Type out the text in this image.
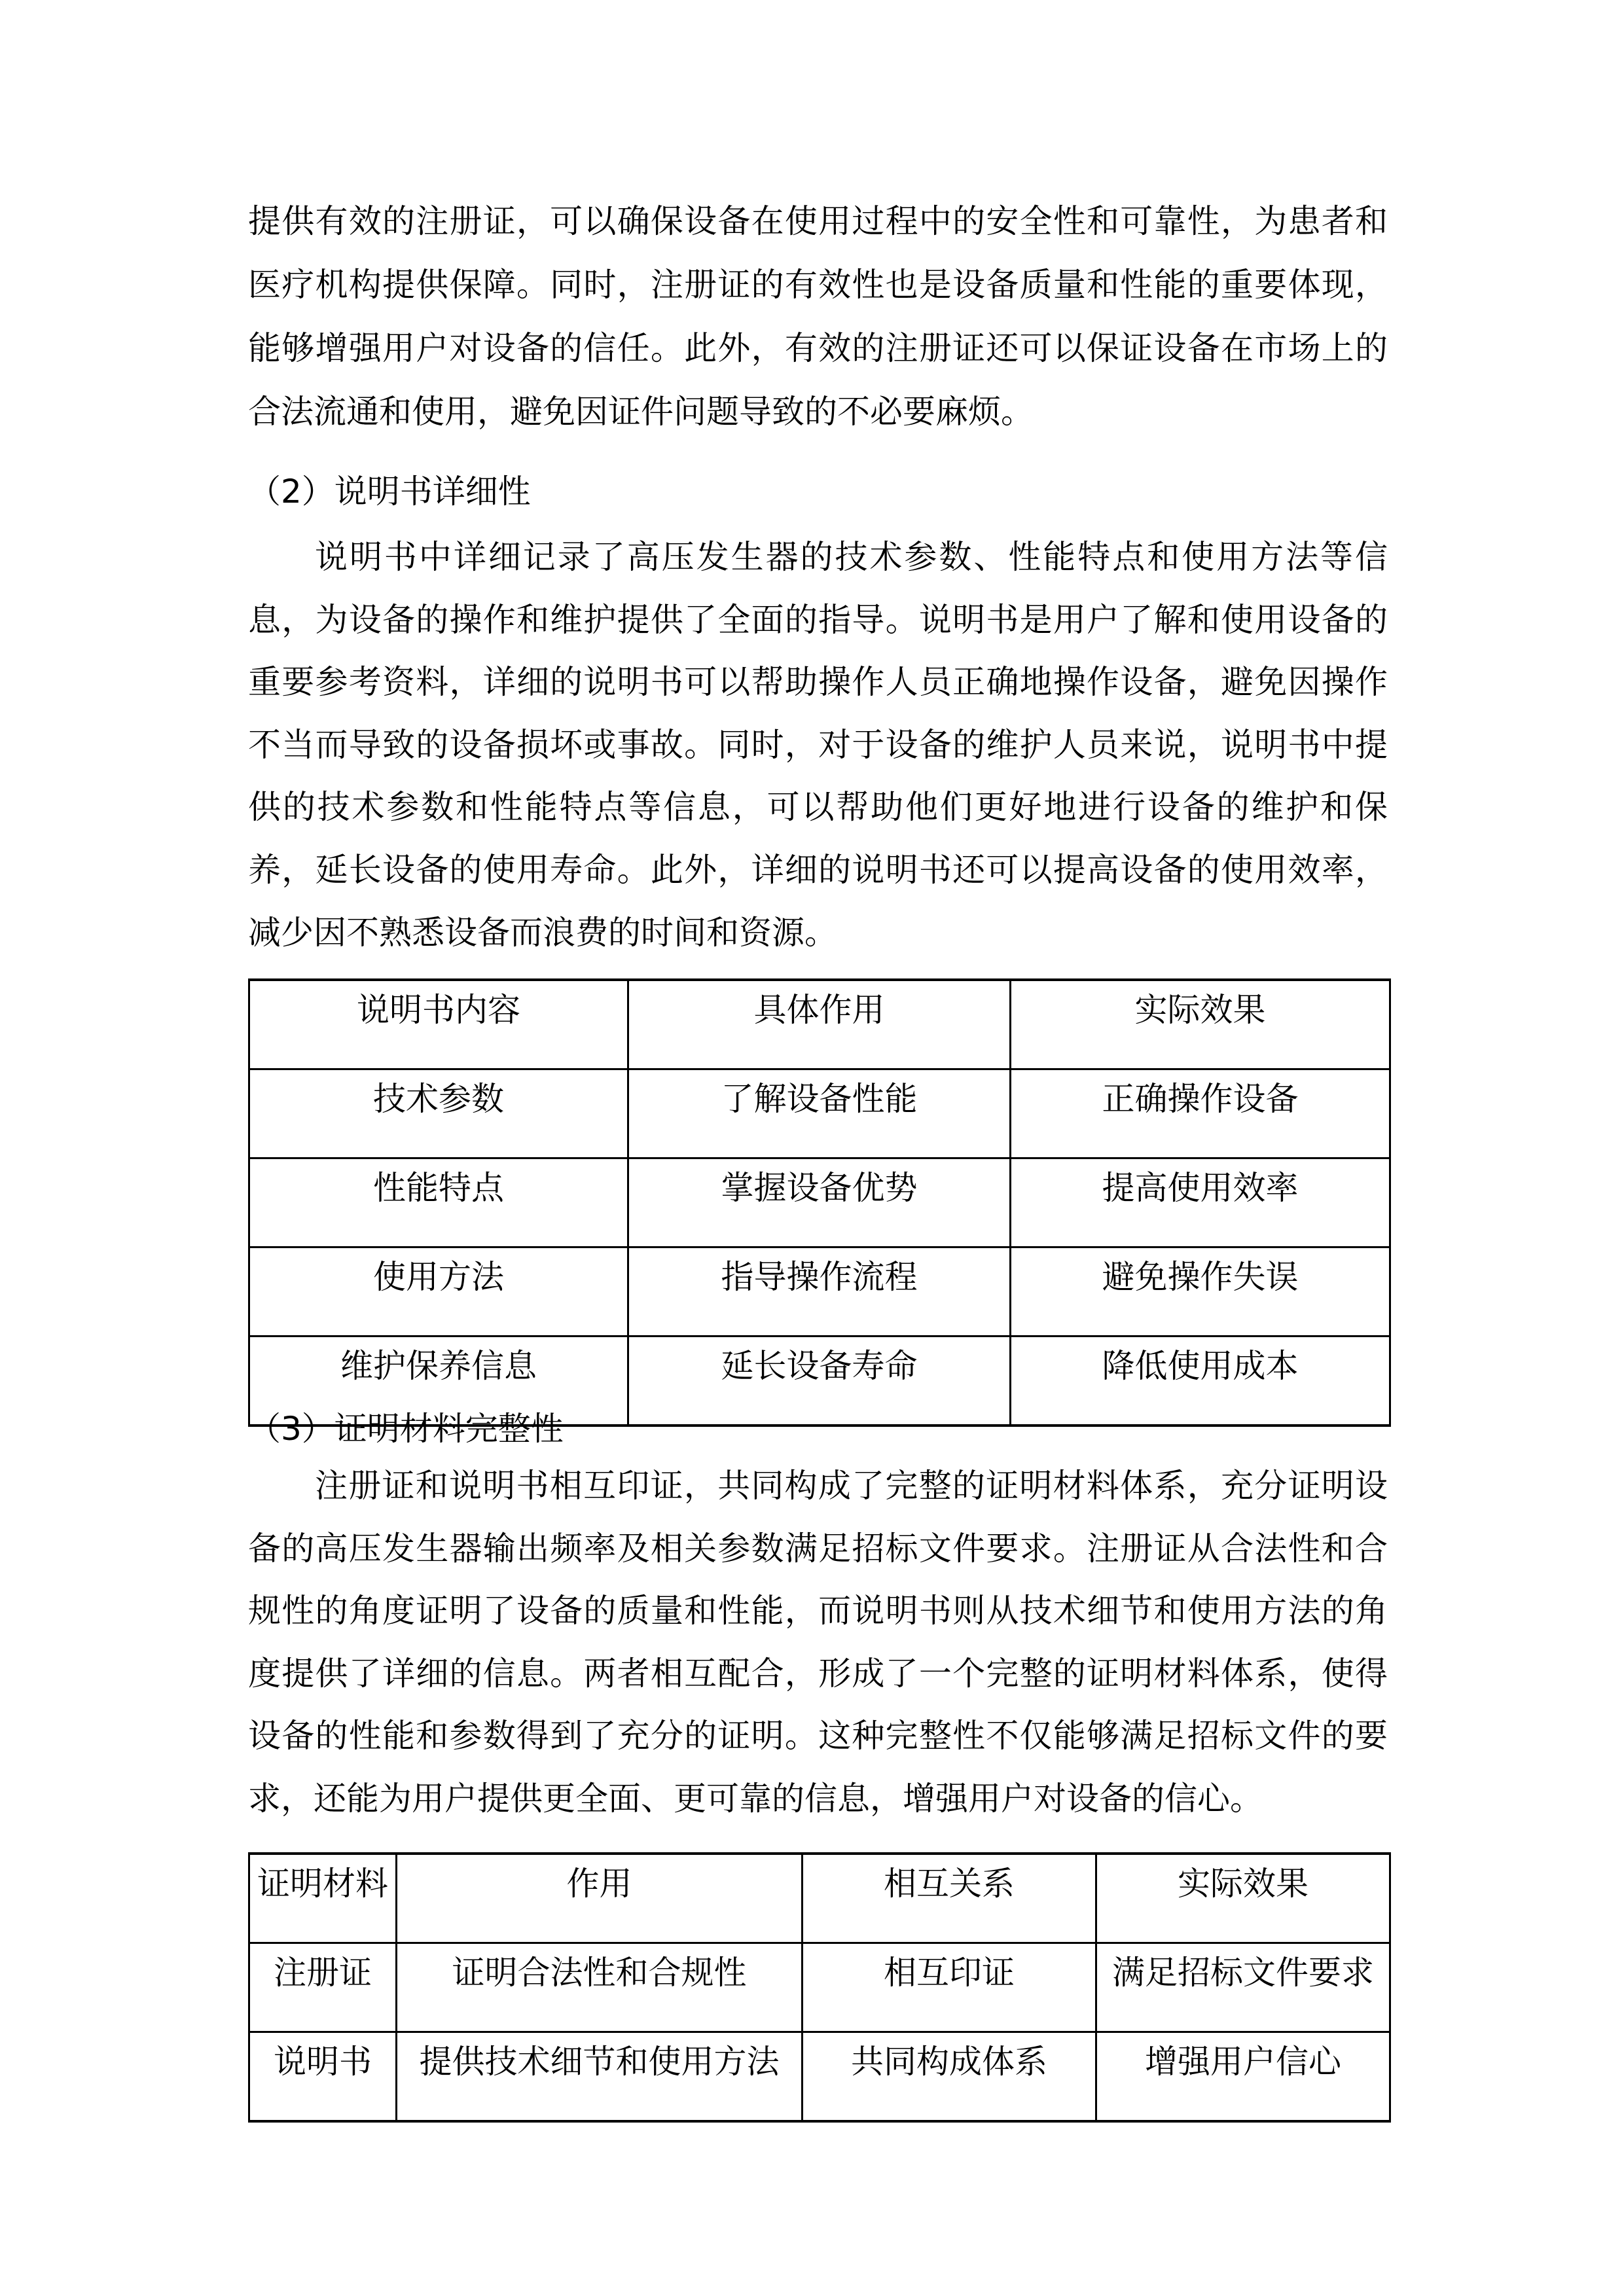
提供有效的注册证，可以确保设备在使用过程中的安全性和可靠性，为患者和
医疗机构提供保障。同时，注册证的有效性也是设备质量和性能的重要体现，
能够增强用户对设备的信任。此外，有效的注册证还可以保证设备在市场上的
合法流通和使用，避免因证件问题导致的不必要麻烦。
（2）说明书详细性
说明书中详细记录了高压发生器的技术参数、性能特点和使用方法等信
息，为设备的操作和维护提供了全面的指导。说明书是用户了解和使用设备的
重要参考资料，详细的说明书可以帮助操作人员正确地操作设备，避免因操作
不当而导致的设备损坏或事故。同时，对于设备的维护人员来说，说明书中提
供的技术参数和性能特点等信息，可以帮助他们更好地进行设备的维护和保
养，延长设备的使用寿命。此外，详细的说明书还可以提高设备的使用效率，
减少因不熟悉设备而浪费的时间和资源。
说明书内容	具体作用	实际效果
技术参数	了解设备性能	正确操作设备
性能特点	掌握设备优势	提高使用效率
使用方法	指导操作流程	避免操作失误
维护保养信息	延长设备寿命	降低使用成本
（3）证明材料完整性
注册证和说明书相互印证，共同构成了完整的证明材料体系，充分证明设
备的高压发生器输出频率及相关参数满足招标文件要求。注册证从合法性和合
规性的角度证明了设备的质量和性能，而说明书则从技术细节和使用方法的角
度提供了详细的信息。两者相互配合，形成了一个完整的证明材料体系，使得
设备的性能和参数得到了充分的证明。这种完整性不仅能够满足招标文件的要
求，还能为用户提供更全面、更可靠的信息，增强用户对设备的信心。
证明材料	作用	相互关系	实际效果
注册证	证明合法性和合规性	相互印证	满足招标文件要求
说明书	提供技术细节和使用方法	共同构成体系	增强用户信心
